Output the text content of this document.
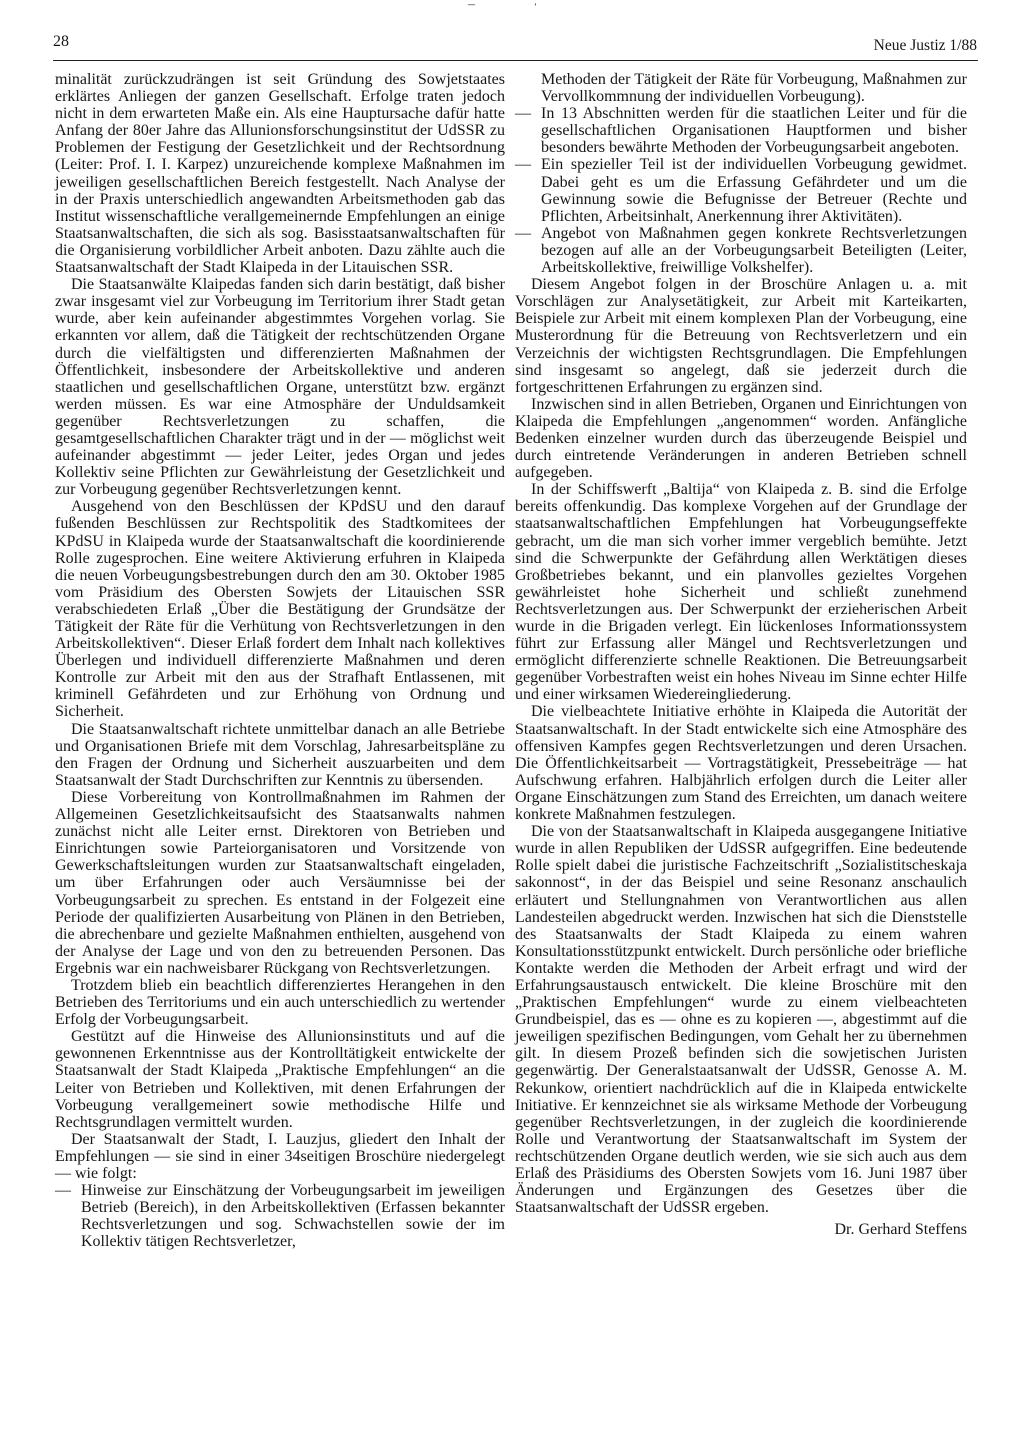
28	Neue Justiz 1/88

minalität zurückzudrängen ist seit Gründung des Sowjetstaates erklärtes Anliegen der ganzen Gesellschaft. Erfolge traten jedoch nicht in dem erwarteten Maße ein. Als eine Hauptursache dafür hatte Anfang der 80er Jahre das Allunionsforschungsinstitut der UdSSR zu Problemen der Festigung der Gesetzlichkeit und der Rechtsordnung (Leiter: Prof. I. I. Karpez) unzureichende komplexe Maßnahmen im jeweiligen gesellschaftlichen Bereich festgestellt. Nach Analyse der in der Praxis unterschiedlich angewandten Arbeitsmethoden gab das Institut wissenschaftliche verallgemeinernde Empfehlungen an einige Staatsanwaltschaften, die sich als sog. Basisstaatsanwaltschaften für die Organisierung vorbildlicher Arbeit anboten. Dazu zählte auch die Staatsanwaltschaft der Stadt Klaipeda in der Litauischen SSR.

Die Staatsanwälte Klaipedas fanden sich darin bestätigt, daß bisher zwar insgesamt viel zur Vorbeugung im Territorium ihrer Stadt getan wurde, aber kein aufeinander abgestimmtes Vorgehen vorlag. Sie erkannten vor allem, daß die Tätigkeit der rechtschützenden Organe durch die vielfältigsten und differenzierten Maßnahmen der Öffentlichkeit, insbesondere der Arbeitskollektive und anderen staatlichen und gesellschaftlichen Organe, unterstützt bzw. ergänzt werden müssen. Es war eine Atmosphäre der Unduldsamkeit gegenüber Rechtsverletzungen zu schaffen, die gesamtgesellschaftlichen Charakter trägt und in der — möglichst weit aufeinander abgestimmt — jeder Leiter, jedes Organ und jedes Kollektiv seine Pflichten zur Gewährleistung der Gesetzlichkeit und zur Vorbeugung gegenüber Rechtsverletzungen kennt.

Ausgehend von den Beschlüssen der KPdSU und den darauf fußenden Beschlüssen zur Rechtspolitik des Stadtkomitees der KPdSU in Klaipeda wurde der Staatsanwaltschaft die koordinierende Rolle zugesprochen. Eine weitere Aktivierung erfuhren in Klaipeda die neuen Vorbeugungsbestrebungen durch den am 30. Oktober 1985 vom Präsidium des Obersten Sowjets der Litauischen SSR verabschiedeten Erlaß „Über die Bestätigung der Grundsätze der Tätigkeit der Räte für die Verhütung von Rechtsverletzungen in den Arbeitskollektiven“. Dieser Erlaß fordert dem Inhalt nach kollektives Überlegen und individuell differenzierte Maßnahmen und deren Kontrolle zur Arbeit mit den aus der Strafhaft Entlassenen, mit kriminell Gefährdeten und zur Erhöhung von Ordnung und Sicherheit.

Die Staatsanwaltschaft richtete unmittelbar danach an alle Betriebe und Organisationen Briefe mit dem Vorschlag, Jahresarbeitspläne zu den Fragen der Ordnung und Sicherheit auszuarbeiten und dem Staatsanwalt der Stadt Durchschriften zur Kenntnis zu übersenden.

Diese Vorbereitung von Kontrollmaßnahmen im Rahmen der Allgemeinen Gesetzlichkeitsaufsicht des Staatsanwalts nahmen zunächst nicht alle Leiter ernst. Direktoren von Betrieben und Einrichtungen sowie Parteiorganisatoren und Vorsitzende von Gewerkschaftsleitungen wurden zur Staatsanwaltschaft eingeladen, um über Erfahrungen oder auch Versäumnisse bei der Vorbeugungsarbeit zu sprechen. Es entstand in der Folgezeit eine Periode der qualifizierten Ausarbeitung von Plänen in den Betrieben, die abrechenbare und gezielte Maßnahmen enthielten, ausgehend von der Analyse der Lage und von den zu betreuenden Personen. Das Ergebnis war ein nachweisbarer Rückgang von Rechtsverletzungen.

Trotzdem blieb ein beachtlich differenziertes Herangehen in den Betrieben des Territoriums und ein auch unterschiedlich zu wertender Erfolg der Vorbeugungsarbeit.

Gestützt auf die Hinweise des Allunionsinstituts und auf die gewonnenen Erkenntnisse aus der Kontrolltätigkeit entwickelte der Staatsanwalt der Stadt Klaipeda „Praktische Empfehlungen“ an die Leiter von Betrieben und Kollektiven, mit denen Erfahrungen der Vorbeugung verallgemeinert sowie methodische Hilfe und Rechtsgrundlagen vermittelt wurden.

Der Staatsanwalt der Stadt, I. Lauzjus, gliedert den Inhalt der Empfehlungen — sie sind in einer 34seitigen Broschüre niedergelegt — wie folgt:

— Hinweise zur Einschätzung der Vorbeugungsarbeit im jeweiligen Betrieb (Bereich), in den Arbeitskollektiven (Erfassen bekannter Rechtsverletzungen und sog. Schwachstellen sowie der im Kollektiv tätigen Rechtsverletzer,

Methoden der Tätigkeit der Räte für Vorbeugung, Maßnahmen zur Vervollkommnung der individuellen Vorbeugung).

— In 13 Abschnitten werden für die staatlichen Leiter und für die gesellschaftlichen Organisationen Hauptformen und bisher besonders bewährte Methoden der Vorbeugungsarbeit angeboten.
— Ein spezieller Teil ist der individuellen Vorbeugung gewidmet. Dabei geht es um die Erfassung Gefährdeter und um die Gewinnung sowie die Befugnisse der Betreuer (Rechte und Pflichten, Arbeitsinhalt, Anerkennung ihrer Aktivitäten).
— Angebot von Maßnahmen gegen konkrete Rechtsverletzungen bezogen auf alle an der Vorbeugungsarbeit Beteiligten (Leiter, Arbeitskollektive, freiwillige Volkshelfer).

Diesem Angebot folgen in der Broschüre Anlagen u. a. mit Vorschlägen zur Analysetätigkeit, zur Arbeit mit Karteikarten, Beispiele zur Arbeit mit einem komplexen Plan der Vorbeugung, eine Musterordnung für die Betreuung von Rechtsverletzern und ein Verzeichnis der wichtigsten Rechtsgrundlagen. Die Empfehlungen sind insgesamt so angelegt, daß sie jederzeit durch die fortgeschrittenen Erfahrungen zu ergänzen sind.

Inzwischen sind in allen Betrieben, Organen und Einrichtungen von Klaipeda die Empfehlungen „angenommen“ worden. Anfängliche Bedenken einzelner wurden durch das überzeugende Beispiel und durch eintretende Veränderungen in anderen Betrieben schnell aufgegeben.

In der Schiffswerft „Baltija“ von Klaipeda z. B. sind die Erfolge bereits offenkundig. Das komplexe Vorgehen auf der Grundlage der staatsanwaltschaftlichen Empfehlungen hat Vorbeugungseffekte gebracht, um die man sich vorher immer vergeblich bemühte. Jetzt sind die Schwerpunkte der Gefährdung allen Werktätigen dieses Großbetriebes bekannt, und ein planvolles gezieltes Vorgehen gewährleistet hohe Sicherheit und schließt zunehmend Rechtsverletzungen aus. Der Schwerpunkt der erzieherischen Arbeit wurde in die Brigaden verlegt. Ein lückenloses Informationssystem führt zur Erfassung aller Mängel und Rechtsverletzungen und ermöglicht differenzierte schnelle Reaktionen. Die Betreuungsarbeit gegenüber Vorbestraften weist ein hohes Niveau im Sinne echter Hilfe und einer wirksamen Wiedereingliederung.

Die vielbeachtete Initiative erhöhte in Klaipeda die Autorität der Staatsanwaltschaft. In der Stadt entwickelte sich eine Atmosphäre des offensiven Kampfes gegen Rechtsverletzungen und deren Ursachen. Die Öffentlichkeitsarbeit — Vortragstätigkeit, Pressebeiträge — hat Aufschwung erfahren. Halbjährlich erfolgen durch die Leiter aller Organe Einschätzungen zum Stand des Erreichten, um danach weitere konkrete Maßnahmen festzulegen.

Die von der Staatsanwaltschaft in Klaipeda ausgegangene Initiative wurde in allen Republiken der UdSSR aufgegriffen. Eine bedeutende Rolle spielt dabei die juristische Fachzeitschrift „Sozialistitscheskaja sakonnost“, in der das Beispiel und seine Resonanz anschaulich erläutert und Stellungnahmen von Verantwortlichen aus allen Landesteilen abgedruckt werden. Inzwischen hat sich die Dienststelle des Staatsanwalts der Stadt Klaipeda zu einem wahren Konsultationsstützpunkt entwickelt. Durch persönliche oder briefliche Kontakte werden die Methoden der Arbeit erfragt und wird der Erfahrungsaustausch entwickelt. Die kleine Broschüre mit den „Praktischen Empfehlungen“ wurde zu einem vielbeachteten Grundbeispiel, das es — ohne es zu kopieren —, abgestimmt auf die jeweiligen spezifischen Bedingungen, vom Gehalt her zu übernehmen gilt. In diesem Prozeß befinden sich die sowjetischen Juristen gegenwärtig. Der Generalstaatsanwalt der UdSSR, Genosse A. M. Rekunkow, orientiert nachdrücklich auf die in Klaipeda entwickelte Initiative. Er kennzeichnet sie als wirksame Methode der Vorbeugung gegenüber Rechtsverletzungen, in der zugleich die koordinierende Rolle und Verantwortung der Staatsanwaltschaft im System der rechtschützenden Organe deutlich werden, wie sie sich auch aus dem Erlaß des Präsidiums des Obersten Sowjets vom 16. Juni 1987 über Änderungen und Ergänzungen des Gesetzes über die Staatsanwaltschaft der UdSSR ergeben.

Dr. Gerhard Steffens
¯	ˈ
